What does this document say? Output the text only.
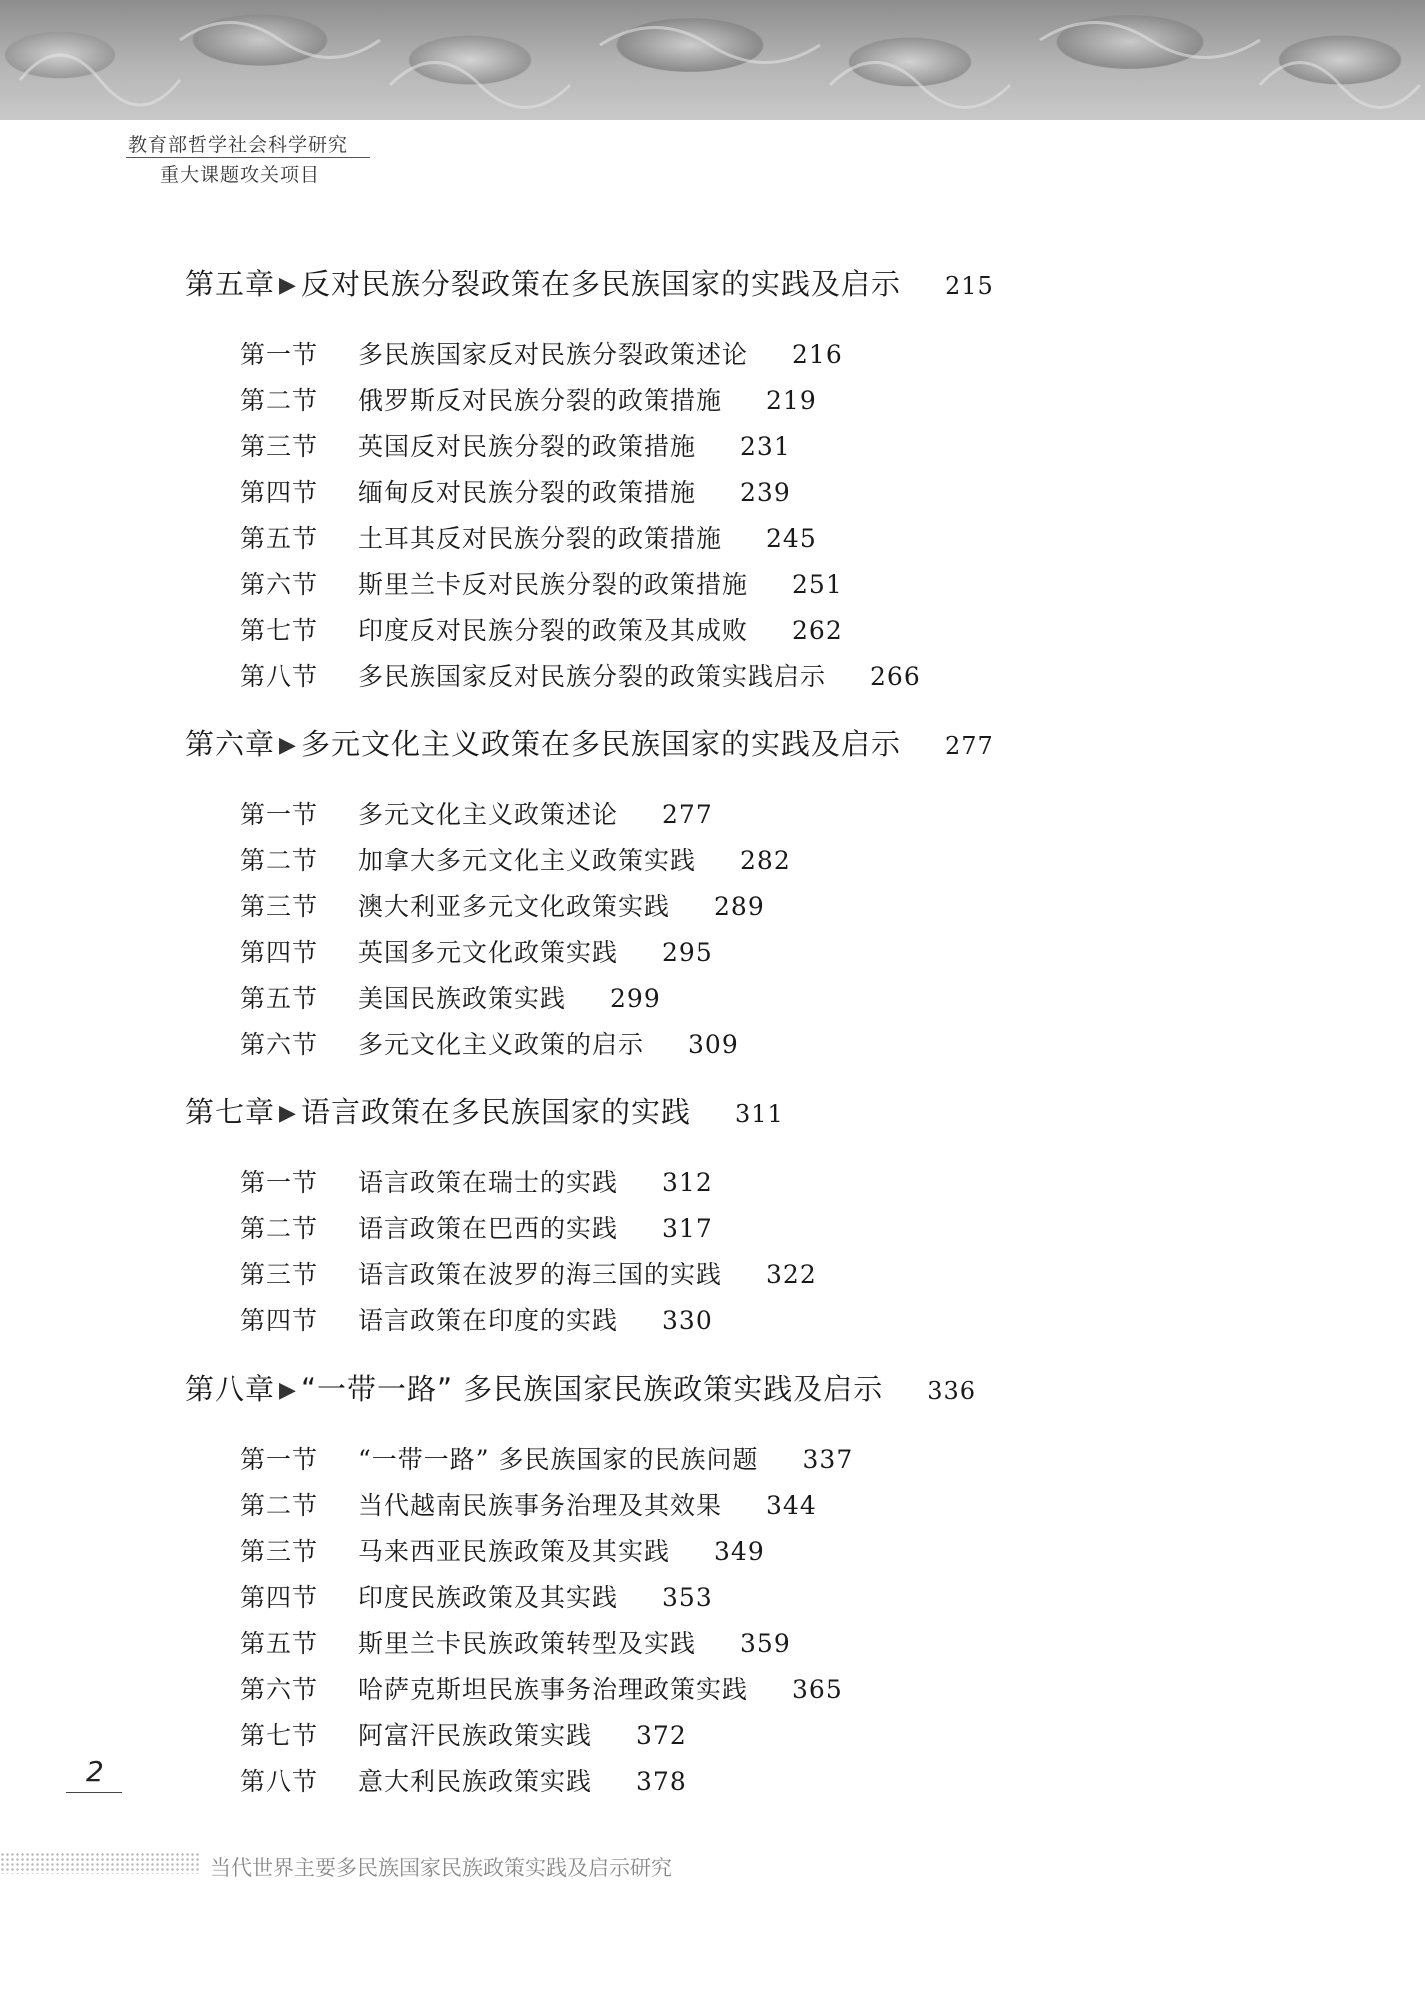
教育部哲学社会科学研究
重大课题攻关项目
第五章 ▶ 反对民族分裂政策在多民族国家的实践及启示 215
第一节 多民族国家反对民族分裂政策述论 216
第二节 俄罗斯反对民族分裂的政策措施 219
第三节 英国反对民族分裂的政策措施 231
第四节 缅甸反对民族分裂的政策措施 239
第五节 土耳其反对民族分裂的政策措施 245
第六节 斯里兰卡反对民族分裂的政策措施 251
第七节 印度反对民族分裂的政策及其成败 262
第八节 多民族国家反对民族分裂的政策实践启示 266
第六章 ▶ 多元文化主义政策在多民族国家的实践及启示 277
第一节 多元文化主义政策述论 277
第二节 加拿大多元文化主义政策实践 282
第三节 澳大利亚多元文化政策实践 289
第四节 英国多元文化政策实践 295
第五节 美国民族政策实践 299
第六节 多元文化主义政策的启示 309
第七章 ▶ 语言政策在多民族国家的实践 311
第一节 语言政策在瑞士的实践 312
第二节 语言政策在巴西的实践 317
第三节 语言政策在波罗的海三国的实践 322
第四节 语言政策在印度的实践 330
第八章 ▶ “一带一路” 多民族国家民族政策实践及启示 336
第一节 “一带一路” 多民族国家的民族问题 337
第二节 当代越南民族事务治理及其效果 344
第三节 马来西亚民族政策及其实践 349
第四节 印度民族政策及其实践 353
第五节 斯里兰卡民族政策转型及实践 359
第六节 哈萨克斯坦民族事务治理政策实践 365
第七节 阿富汗民族政策实践 372
第八节 意大利民族政策实践 378
2
当代世界主要多民族国家民族政策实践及启示研究
